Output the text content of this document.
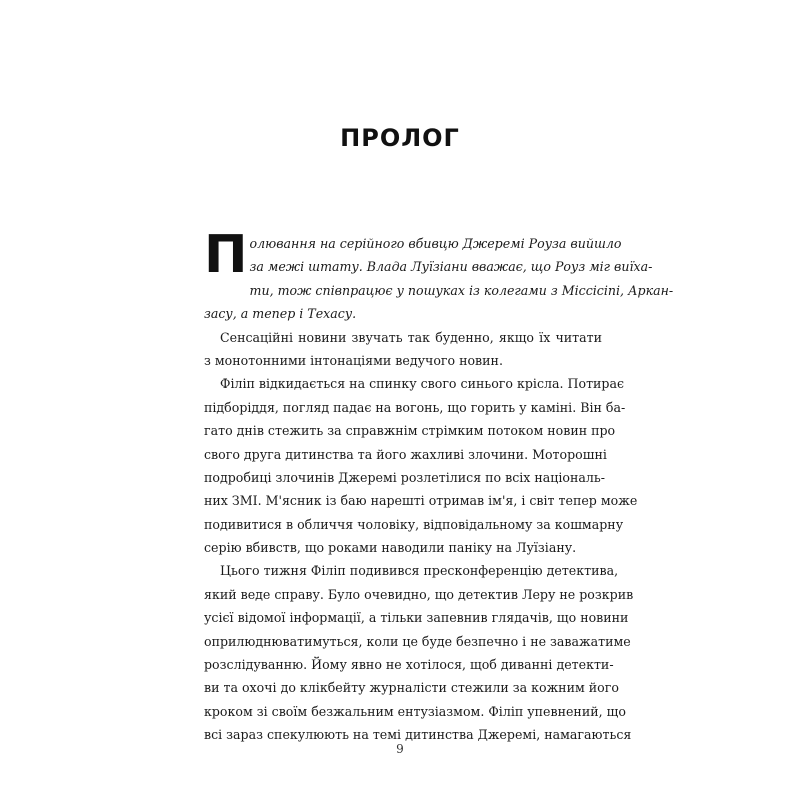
ПРОЛОГ
П олювання на серійного вбивцю Джеремі Роуза вийшло
за межі штату. Влада Луїзіани вважає, що Роуз міг виїха-
ти, тож співпрацює у пошуках із колегами з Міссісіпі, Аркан-
засу, а тепер і Техасу.
Сенсаційні новини звучать так буденно, якщо їх читати
з монотонними інтонаціями ведучого новин.
Філіп відкидається на спинку свого синього крісла. Потирає
підборіддя, погляд падає на вогонь, що горить у каміні. Він ба-
гато днів стежить за справжнім стрімким потоком новин про
свого друга дитинства та його жахливі злочини. Моторошні
подробиці злочинів Джеремі розлетілися по всіх національ-
них ЗМІ. М'ясник із баю нарешті отримав ім'я, і світ тепер може
подивитися в обличчя чоловіку, відповідальному за кошмарну
серію вбивств, що роками наводили паніку на Луїзіану.
Цього тижня Філіп подивився пресконференцію детектива,
який веде справу. Було очевидно, що детектив Леру не розкрив
усієї відомої інформації, а тільки запевнив глядачів, що новини
оприлюднюватимуться, коли це буде безпечно і не заважатиме
розслідуванню. Йому явно не хотілося, щоб диванні детекти-
ви та охочі до клікбейту журналісти стежили за кожним його
кроком зі своїм безжальним ентузіазмом. Філіп упевнений, що
всі зараз спекулюють на темі дитинства Джеремі, намагаються
9
